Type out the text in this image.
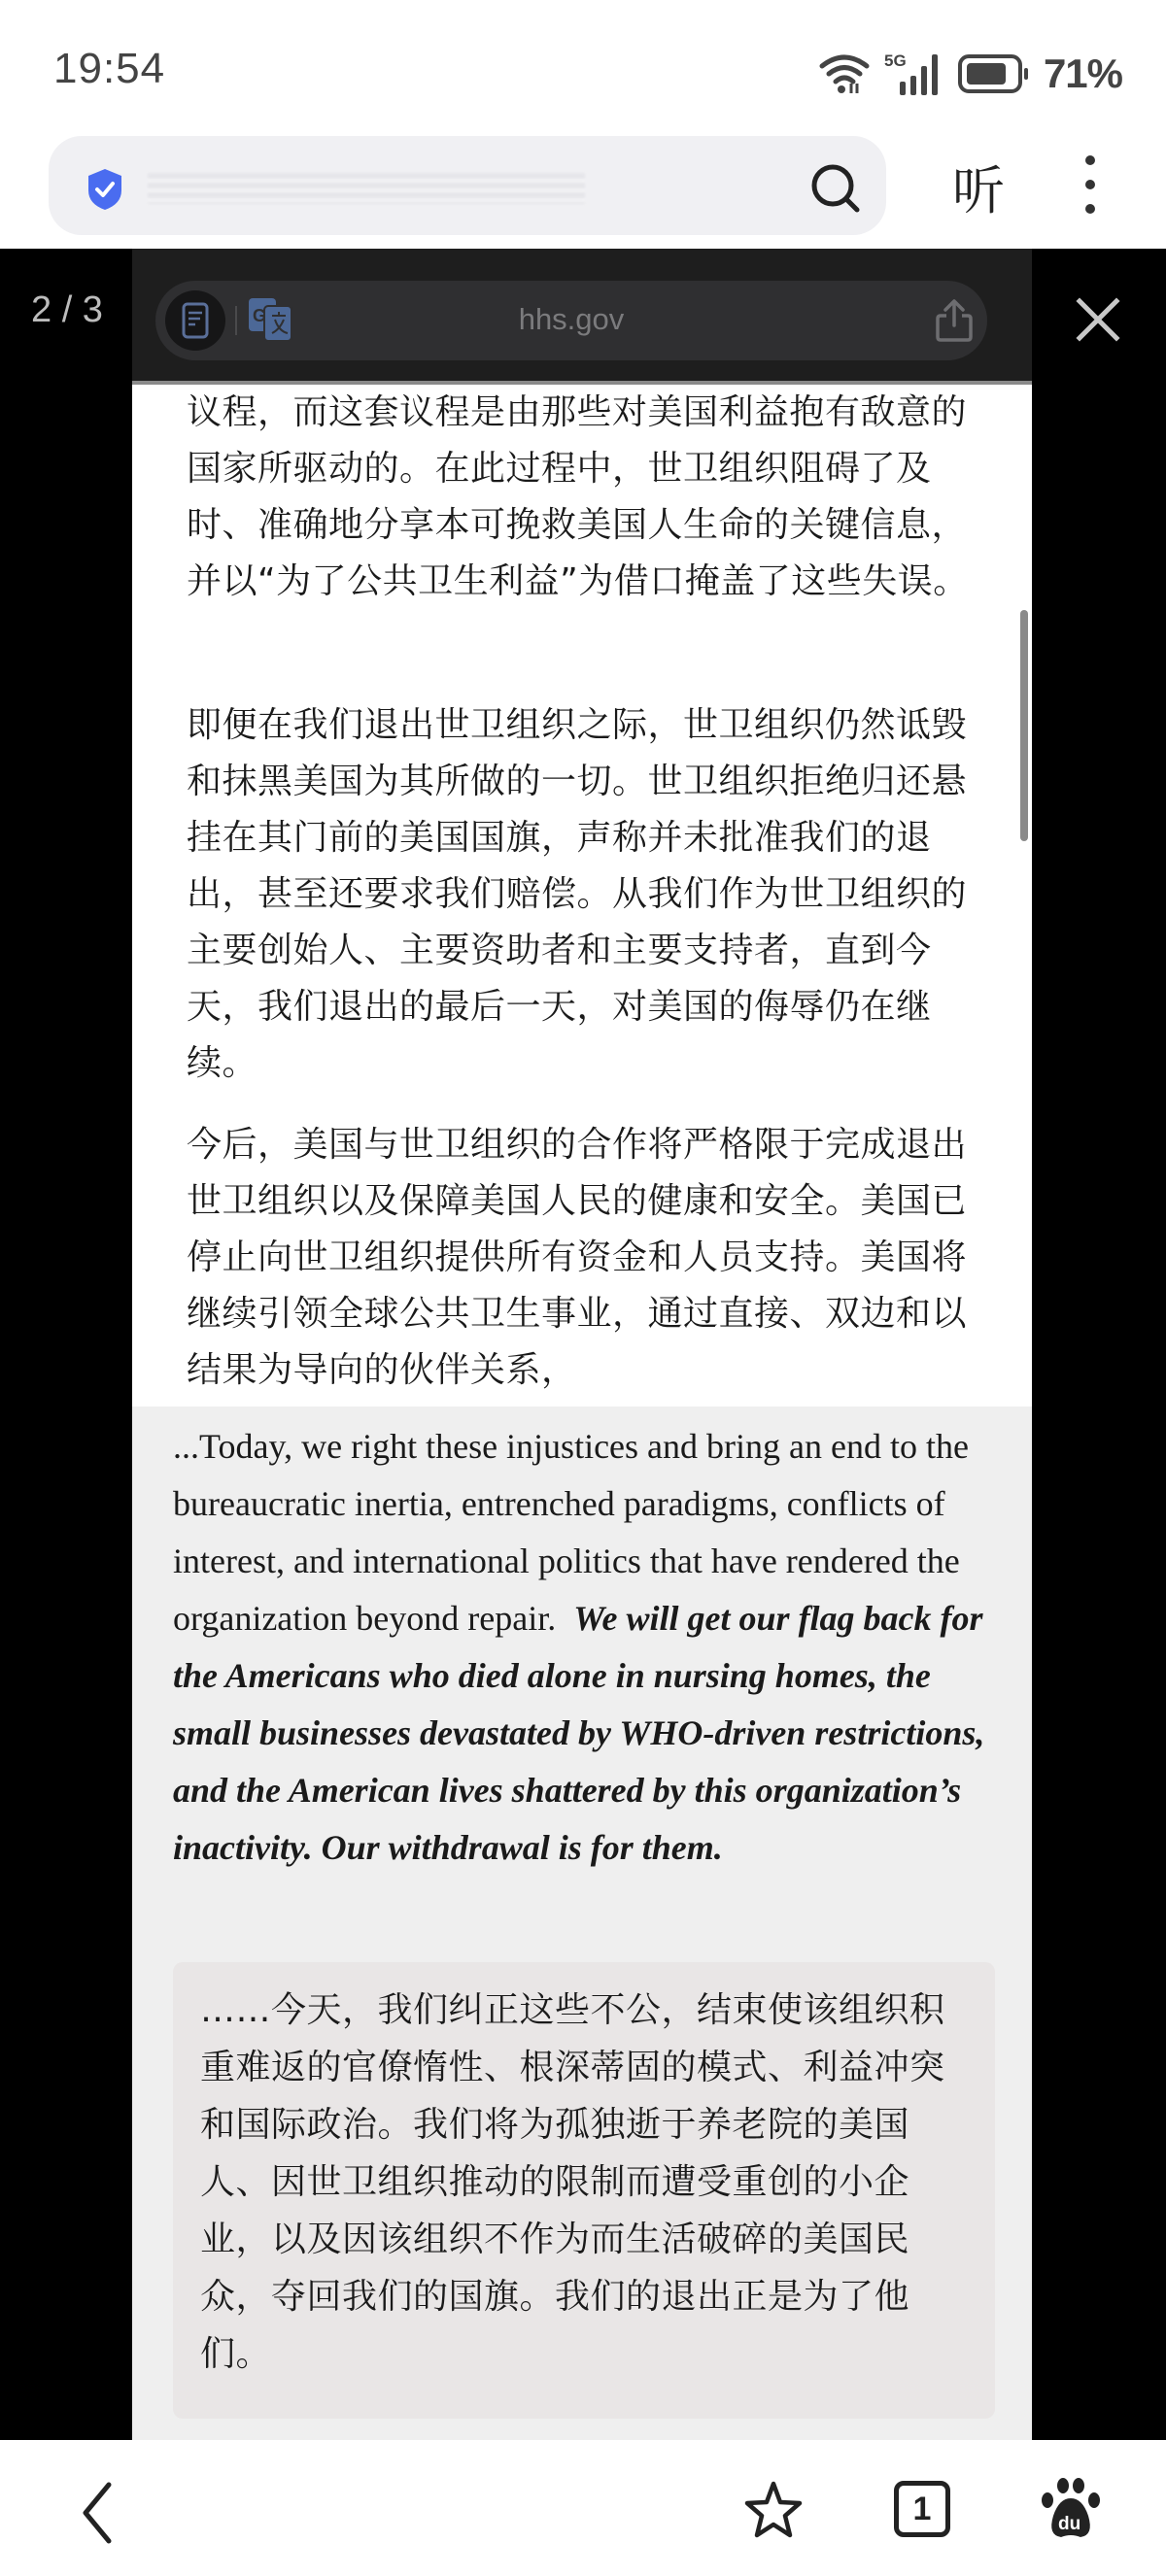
19:54	5G	71%
听
2 / 3	G	hhs.gov

议程，而这套议程是由那些对美国利益抱有敌意的国家所驱动的。在此过程中，世卫组织阻碍了及时、准确地分享本可挽救美国人生命的关键信息，并以“为了公共卫生利益”为借口掩盖了这些失误。

即便在我们退出世卫组织之际，世卫组织仍然诋毁和抹黑美国为其所做的一切。世卫组织拒绝归还悬挂在其门前的美国国旗，声称并未批准我们的退出，甚至还要求我们赔偿。从我们作为世卫组织的主要创始人、主要资助者和主要支持者，直到今天，我们退出的最后一天，对美国的侮辱仍在继续。

今后，美国与世卫组织的合作将严格限于完成退出世卫组织以及保障美国人民的健康和安全。美国已停止向世卫组织提供所有资金和人员支持。美国将继续引领全球公共卫生事业，通过直接、双边和以结果为导向的伙伴关系，

...Today, we right these injustices and bring an end to the bureaucratic inertia, entrenched paradigms, conflicts of interest, and international politics that have rendered the organization beyond repair. We will get our flag back for the Americans who died alone in nursing homes, the small businesses devastated by WHO-driven restrictions, and the American lives shattered by this organization’s inactivity. Our withdrawal is for them.

……今天，我们纠正这些不公，结束使该组织积重难返的官僚惰性、根深蒂固的模式、利益冲突和国际政治。我们将为孤独逝于养老院的美国人、因世卫组织推动的限制而遭受重创的小企业，以及因该组织不作为而生活破碎的美国民众，夺回我们的国旗。我们的退出正是为了他们。

1	du
